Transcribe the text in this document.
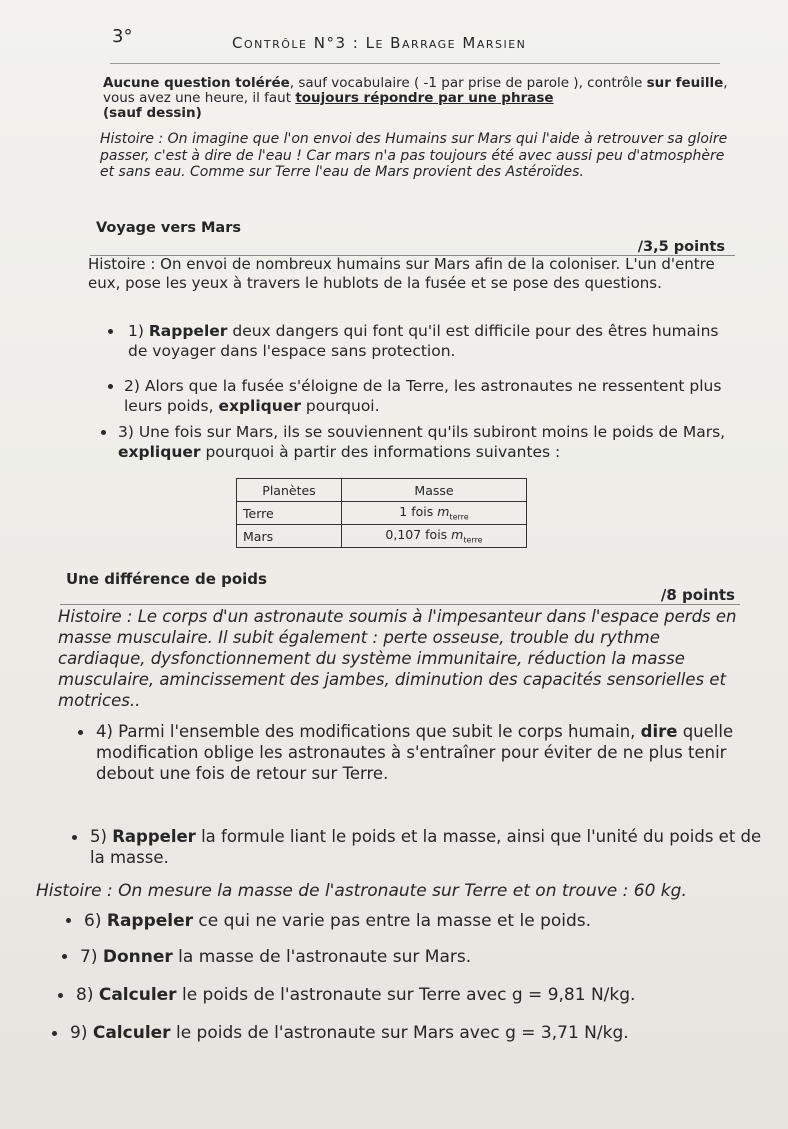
3°	Contrôle N°3 : Le Barrage Marsien
Aucune question tolérée, sauf vocabulaire ( -1 par prise de parole ), contrôle sur feuille, vous avez une heure, il faut toujours répondre par une phrase
(sauf dessin)
Histoire : On imagine que l'on envoi des Humains sur Mars qui l'aide à retrouver sa gloire passer, c'est à dire de l'eau ! Car mars n'a pas toujours été avec aussi peu d'atmosphère et sans eau. Comme sur Terre l'eau de Mars provient des Astéroïdes.
Voyage vers Mars
/3,5 points
Histoire : On envoi de nombreux humains sur Mars afin de la coloniser. L'un d'entre eux, pose les yeux à travers le hublots de la fusée et se pose des questions.
1) Rappeler deux dangers qui font qu'il est difficile pour des êtres humains de voyager dans l'espace sans protection.
2) Alors que la fusée s'éloigne de la Terre, les astronautes ne ressentent plus leurs poids, expliquer pourquoi.
3) Une fois sur Mars, ils se souviennent qu'ils subiront moins le poids de Mars, expliquer pourquoi à partir des informations suivantes :
Planètes	Masse
Terre	1 fois $m_{terre}$
Mars	0,107 fois $m_{terre}$
Une différence de poids
/8 points
Histoire : Le corps d'un astronaute soumis à l'impesanteur dans l'espace perds en masse musculaire. Il subit également : perte osseuse, trouble du rythme cardiaque, dysfonctionnement du système immunitaire, réduction la masse musculaire, amincissement des jambes, diminution des capacités sensorielles et motrices..
4) Parmi l'ensemble des modifications que subit le corps humain, dire quelle modification oblige les astronautes à s'entraîner pour éviter de ne plus tenir debout une fois de retour sur Terre.
5) Rappeler la formule liant le poids et la masse, ainsi que l'unité du poids et de la masse.
Histoire : On mesure la masse de l'astronaute sur Terre et on trouve : 60 kg.
6) Rappeler ce qui ne varie pas entre la masse et le poids.
7) Donner la masse de l'astronaute sur Mars.
8) Calculer le poids de l'astronaute sur Terre avec g = 9,81 N/kg.
9) Calculer le poids de l'astronaute sur Mars avec g = 3,71 N/kg.
